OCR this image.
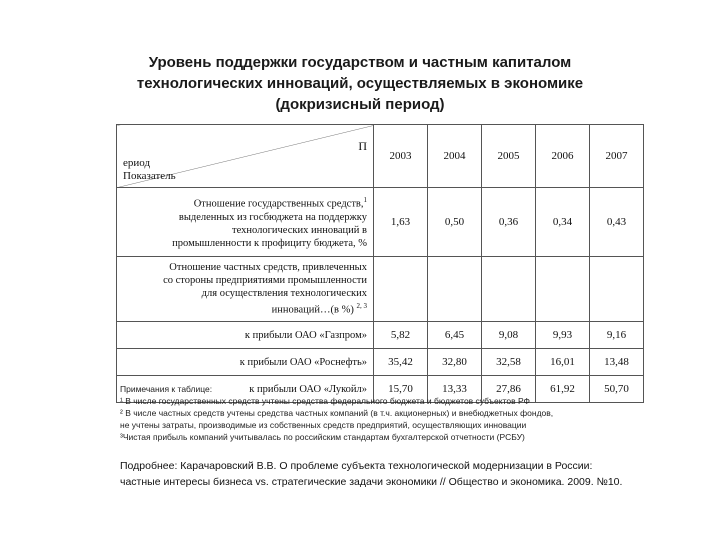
Уровень поддержки государством и частным капиталом
технологических инноваций, осуществляемых в экономике
(докризисный период)
П
ериод
Показатель	2003	2004	2005	2006	2007

Отношение государственных средств,$^1$
выделенных из госбюджета на поддержку
технологических инноваций в
промышленности к профициту бюджета, %	1,63	0,50	0,36	0,34	0,43

Отношение частных средств, привлеченных
со стороны предприятиями промышленности
для осуществления технологических
инноваций…(в %) $^{2, 3}$

к прибыли ОАО «Газпром»	5,82	6,45	9,08	9,93	9,16
к прибыли ОАО «Роснефть»	35,42	32,80	32,58	16,01	13,48
к прибыли ОАО «Лукойл»	15,70	13,33	27,86	61,92	50,70
Примечания к таблице:
¹ В числе государственных средств учтены средства федерального бюджета и бюджетов субъектов РФ
² В числе частных средств учтены средства частных компаний (в т.ч. акционерных) и внебюджетных фондов,
не учтены затраты, производимые из собственных средств предприятий, осуществляющих инновации
³Чистая прибыль компаний учитывалась по российским стандартам бухгалтерской отчетности (РСБУ)
Подробнее: Карачаровский В.В. О проблеме субъекта технологической модернизации в России:
частные интересы бизнеса vs. стратегические задачи экономики // Общество и экономика. 2009. №10.
